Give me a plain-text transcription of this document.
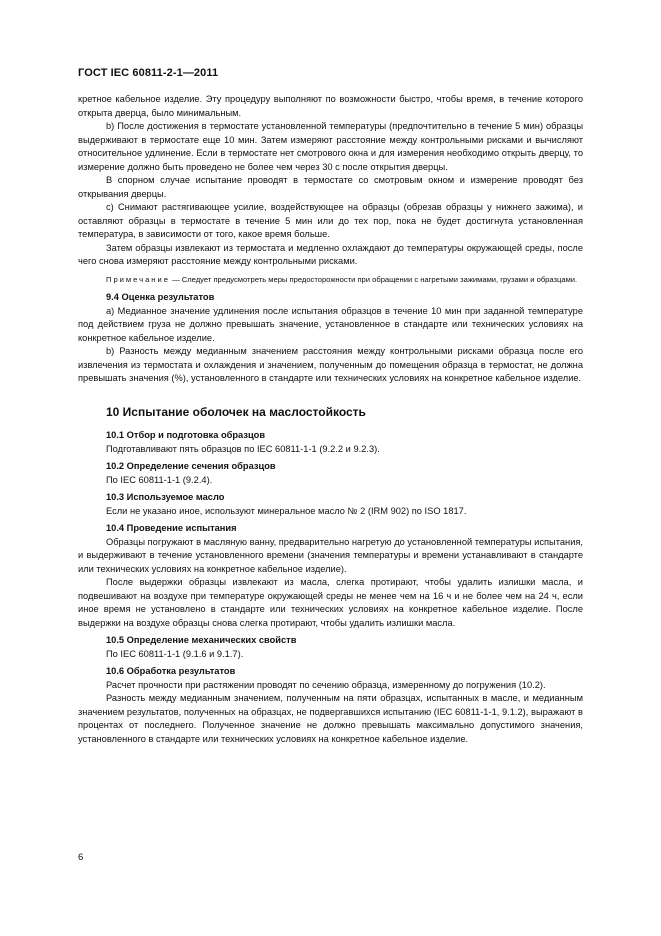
ГОСТ IEC 60811-2-1—2011

кретное кабельное изделие. Эту процедуру выполняют по возможности быстро, чтобы время, в течение которого открыта дверца, было минимальным.

b) После достижения в термостате установленной температуры (предпочтительно в течение 5 мин) образцы выдерживают в термостате еще 10 мин. Затем измеряют расстояние между контрольными рисками и вычисляют относительное удлинение. Если в термостате нет смотрового окна и для измерения необходимо открыть дверцу, то измерение должно быть проведено не более чем через 30 с после открытия дверцы.

В спорном случае испытание проводят в термостате со смотровым окном и измерение проводят без открывания дверцы.

c) Снимают растягивающее усилие, воздействующее на образцы (обрезав образцы у нижнего зажима), и оставляют образцы в термостате в течение 5 мин или до тех пор, пока не будет достигнута установленная температура, в зависимости от того, какое время больше.

Затем образцы извлекают из термостата и медленно охлаждают до температуры окружающей среды, после чего снова измеряют расстояние между контрольными рисками.

Примечание — Следует предусмотреть меры предосторожности при обращении с нагретыми зажимами, грузами и образцами.

9.4 Оценка результатов

а) Медианное значение удлинения после испытания образцов в течение 10 мин при заданной температуре под действием груза не должно превышать значение, установленное в стандарте или технических условиях на конкретное кабельное изделие.

b) Разность между медианным значением расстояния между контрольными рисками образца после его извлечения из термостата и охлаждения и значением, полученным до помещения образца в термостат, не должна превышать значения (%), установленного в стандарте или технических условиях на конкретное кабельное изделие.

10 Испытание оболочек на маслостойкость

10.1 Отбор и подготовка образцов

Подготавливают пять образцов по IEC 60811-1-1 (9.2.2 и 9.2.3).

10.2 Определение сечения образцов

По IEC 60811-1-1 (9.2.4).

10.3 Используемое масло

Если не указано иное, используют минеральное масло № 2 (IRM 902) по ISO 1817.

10.4 Проведение испытания

Образцы погружают в масляную ванну, предварительно нагретую до установленной температуры испытания, и выдерживают в течение установленного времени (значения температуры и времени устанавливают в стандарте или технических условиях на конкретное кабельное изделие).

После выдержки образцы извлекают из масла, слегка протирают, чтобы удалить излишки масла, и подвешивают на воздухе при температуре окружающей среды не менее чем на 16 ч и не более чем на 24 ч, если иное время не установлено в стандарте или технических условиях на конкретное кабельное изделие. После выдержки на воздухе образцы снова слегка протирают, чтобы удалить излишки масла.

10.5 Определение механических свойств

По IEC 60811-1-1 (9.1.6 и 9.1.7).

10.6 Обработка результатов

Расчет прочности при растяжении проводят по сечению образца, измеренному до погружения (10.2).

Разность между медианным значением, полученным на пяти образцах, испытанных в масле, и медианным значением результатов, полученных на образцах, не подвергавшихся испытанию (IEC 60811-1-1, 9.1.2), выражают в процентах от последнего. Полученное значение не должно превышать максимально допустимого значения, установленного в стандарте или технических условиях на конкретное кабельное изделие.

6
